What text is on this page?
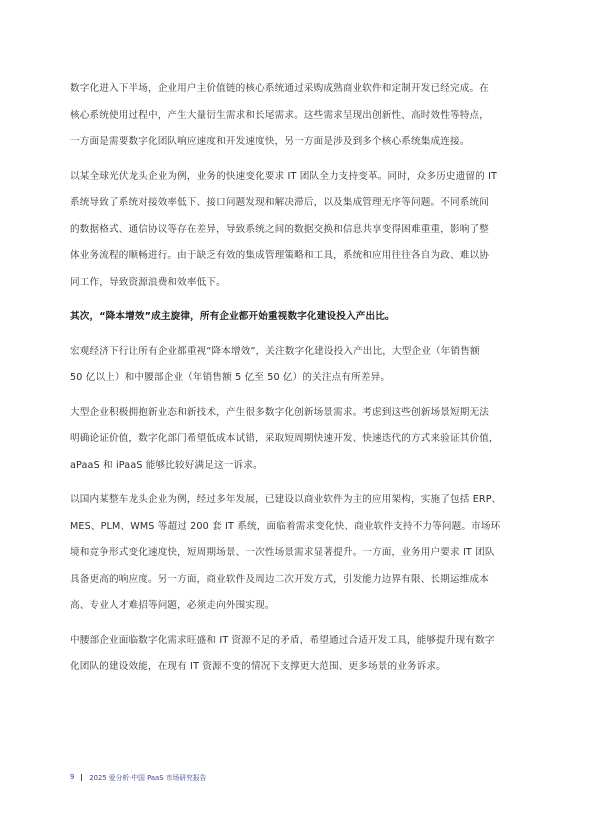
数字化进入下半场，企业用户主价值链的核心系统通过采购成熟商业软件和定制开发已经完成。在
核心系统使用过程中，产生大量衍生需求和长尾需求。这些需求呈现出创新性、高时效性等特点，
一方面是需要数字化团队响应速度和开发速度快，另一方面是涉及到多个核心系统集成连接。

以某全球光伏龙头企业为例，业务的快速变化要求 IT 团队全力支持变革。同时，众多历史遗留的 IT
系统导致了系统对接效率低下、接口问题发现和解决滞后，以及集成管理无序等问题。不同系统间
的数据格式、通信协议等存在差异，导致系统之间的数据交换和信息共享变得困难重重，影响了整
体业务流程的顺畅进行。由于缺乏有效的集成管理策略和工具，系统和应用往往各自为政、难以协
同工作，导致资源浪费和效率低下。

其次，“降本增效”成主旋律，所有企业都开始重视数字化建设投入产出比。

宏观经济下行让所有企业都重视“降本增效”，关注数字化建设投入产出比，大型企业（年销售额
50 亿以上）和中腰部企业（年销售额 5 亿至 50 亿）的关注点有所差异。

大型企业积极拥抱新业态和新技术，产生很多数字化创新场景需求。考虑到这些创新场景短期无法
明确论证价值，数字化部门希望低成本试错，采取短周期快速开发、快速迭代的方式来验证其价值，
aPaaS 和 iPaaS 能够比较好满足这一诉求。

以国内某整车龙头企业为例，经过多年发展，已建设以商业软件为主的应用架构，实施了包括 ERP、
MES、PLM、WMS 等超过 200 套 IT 系统，面临着需求变化快、商业软件支持不力等问题。市场环
境和竞争形式变化速度快，短周期场景、一次性场景需求显著提升。一方面，业务用户要求 IT 团队
具备更高的响应度。另一方面，商业软件及周边二次开发方式，引发能力边界有限、长期运维成本
高、专业人才难招等问题，必须走向外围实现。

中腰部企业面临数字化需求旺盛和 IT 资源不足的矛盾，希望通过合适开发工具，能够提升现有数字
化团队的建设效能，在现有 IT 资源不变的情况下支撑更大范围、更多场景的业务诉求。

9 2025 爱分析·中国 PaaS 市场研究报告
